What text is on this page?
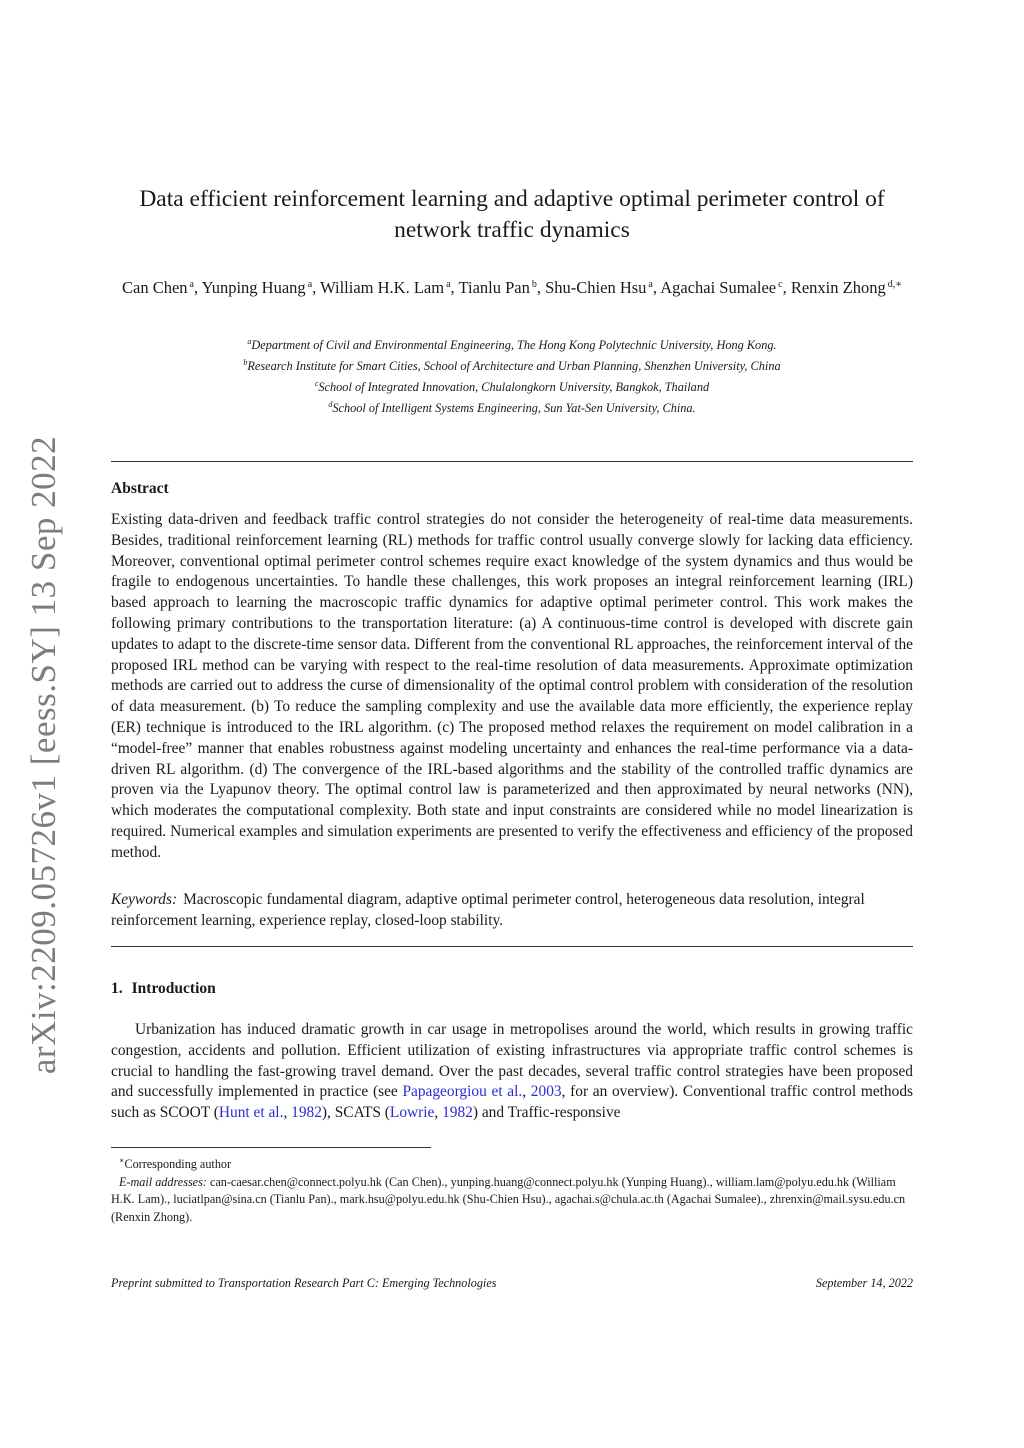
arXiv:2209.05726v1 [eess.SY] 13 Sep 2022
Data efficient reinforcement learning and adaptive optimal perimeter control of
network traffic dynamics
Can Chen $^a$, Yunping Huang $^a$, William H.K. Lam $^a$, Tianlu Pan $^b$, Shu-Chien Hsu $^a$, Agachai Sumalee $^c$, Renxin Zhong $^{d,∗}$
$^a$Department of Civil and Environmental Engineering, The Hong Kong Polytechnic University, Hong Kong.
$^b$Research Institute for Smart Cities, School of Architecture and Urban Planning, Shenzhen University, China
$^c$School of Integrated Innovation, Chulalongkorn University, Bangkok, Thailand
$^d$School of Intelligent Systems Engineering, Sun Yat-Sen University, China.
Abstract
Existing data-driven and feedback traffic control strategies do not consider the heterogeneity of real-time data measurements. Besides, traditional reinforcement learning (RL) methods for traffic control usually converge slowly for lacking data efficiency. Moreover, conventional optimal perimeter control schemes require exact knowledge of the system dynamics and thus would be fragile to endogenous uncertainties. To handle these challenges, this work proposes an integral reinforcement learning (IRL) based approach to learning the macroscopic traffic dynamics for adaptive optimal perimeter control. This work makes the following primary contributions to the transportation literature: (a) A continuous-time control is developed with discrete gain updates to adapt to the discrete-time sensor data. Different from the conventional RL approaches, the reinforcement interval of the proposed IRL method can be varying with respect to the real-time resolution of data measurements. Approximate optimization methods are carried out to address the curse of dimensionality of the optimal control problem with consideration of the resolution of data measurement. (b) To reduce the sampling complexity and use the available data more efficiently, the experience replay (ER) technique is introduced to the IRL algorithm. (c) The proposed method relaxes the requirement on model calibration in a “model-free” manner that enables robustness against modeling uncertainty and enhances the real-time performance via a data-driven RL algorithm. (d) The convergence of the IRL-based algorithms and the stability of the controlled traffic dynamics are proven via the Lyapunov theory. The optimal control law is parameterized and then approximated by neural networks (NN), which moderates the computational complexity. Both state and input constraints are considered while no model linearization is required. Numerical examples and simulation experiments are presented to verify the effectiveness and efficiency of the proposed method.
Keywords: Macroscopic fundamental diagram, adaptive optimal perimeter control, heterogeneous data resolution, integral reinforcement learning, experience replay, closed-loop stability.
1. Introduction
Urbanization has induced dramatic growth in car usage in metropolises around the world, which results in growing traffic congestion, accidents and pollution. Efficient utilization of existing infrastructures via appropriate traffic control schemes is crucial to handling the fast-growing travel demand. Over the past decades, several traffic control strategies have been proposed and successfully implemented in practice (see Papageorgiou et al., 2003, for an overview). Conventional traffic control methods such as SCOOT (Hunt et al., 1982), SCATS (Lowrie, 1982) and Traffic-responsive
∗Corresponding author
E-mail addresses: can-caesar.chen@connect.polyu.hk (Can Chen)., yunping.huang@connect.polyu.hk (Yunping Huang)., william.lam@polyu.edu.hk (William H.K. Lam)., luciatlpan@sina.cn (Tianlu Pan)., mark.hsu@polyu.edu.hk (Shu-Chien Hsu)., agachai.s@chula.ac.th (Agachai Sumalee)., zhrenxin@mail.sysu.edu.cn (Renxin Zhong).
Preprint submitted to Transportation Research Part C: Emerging Technologies	September 14, 2022
